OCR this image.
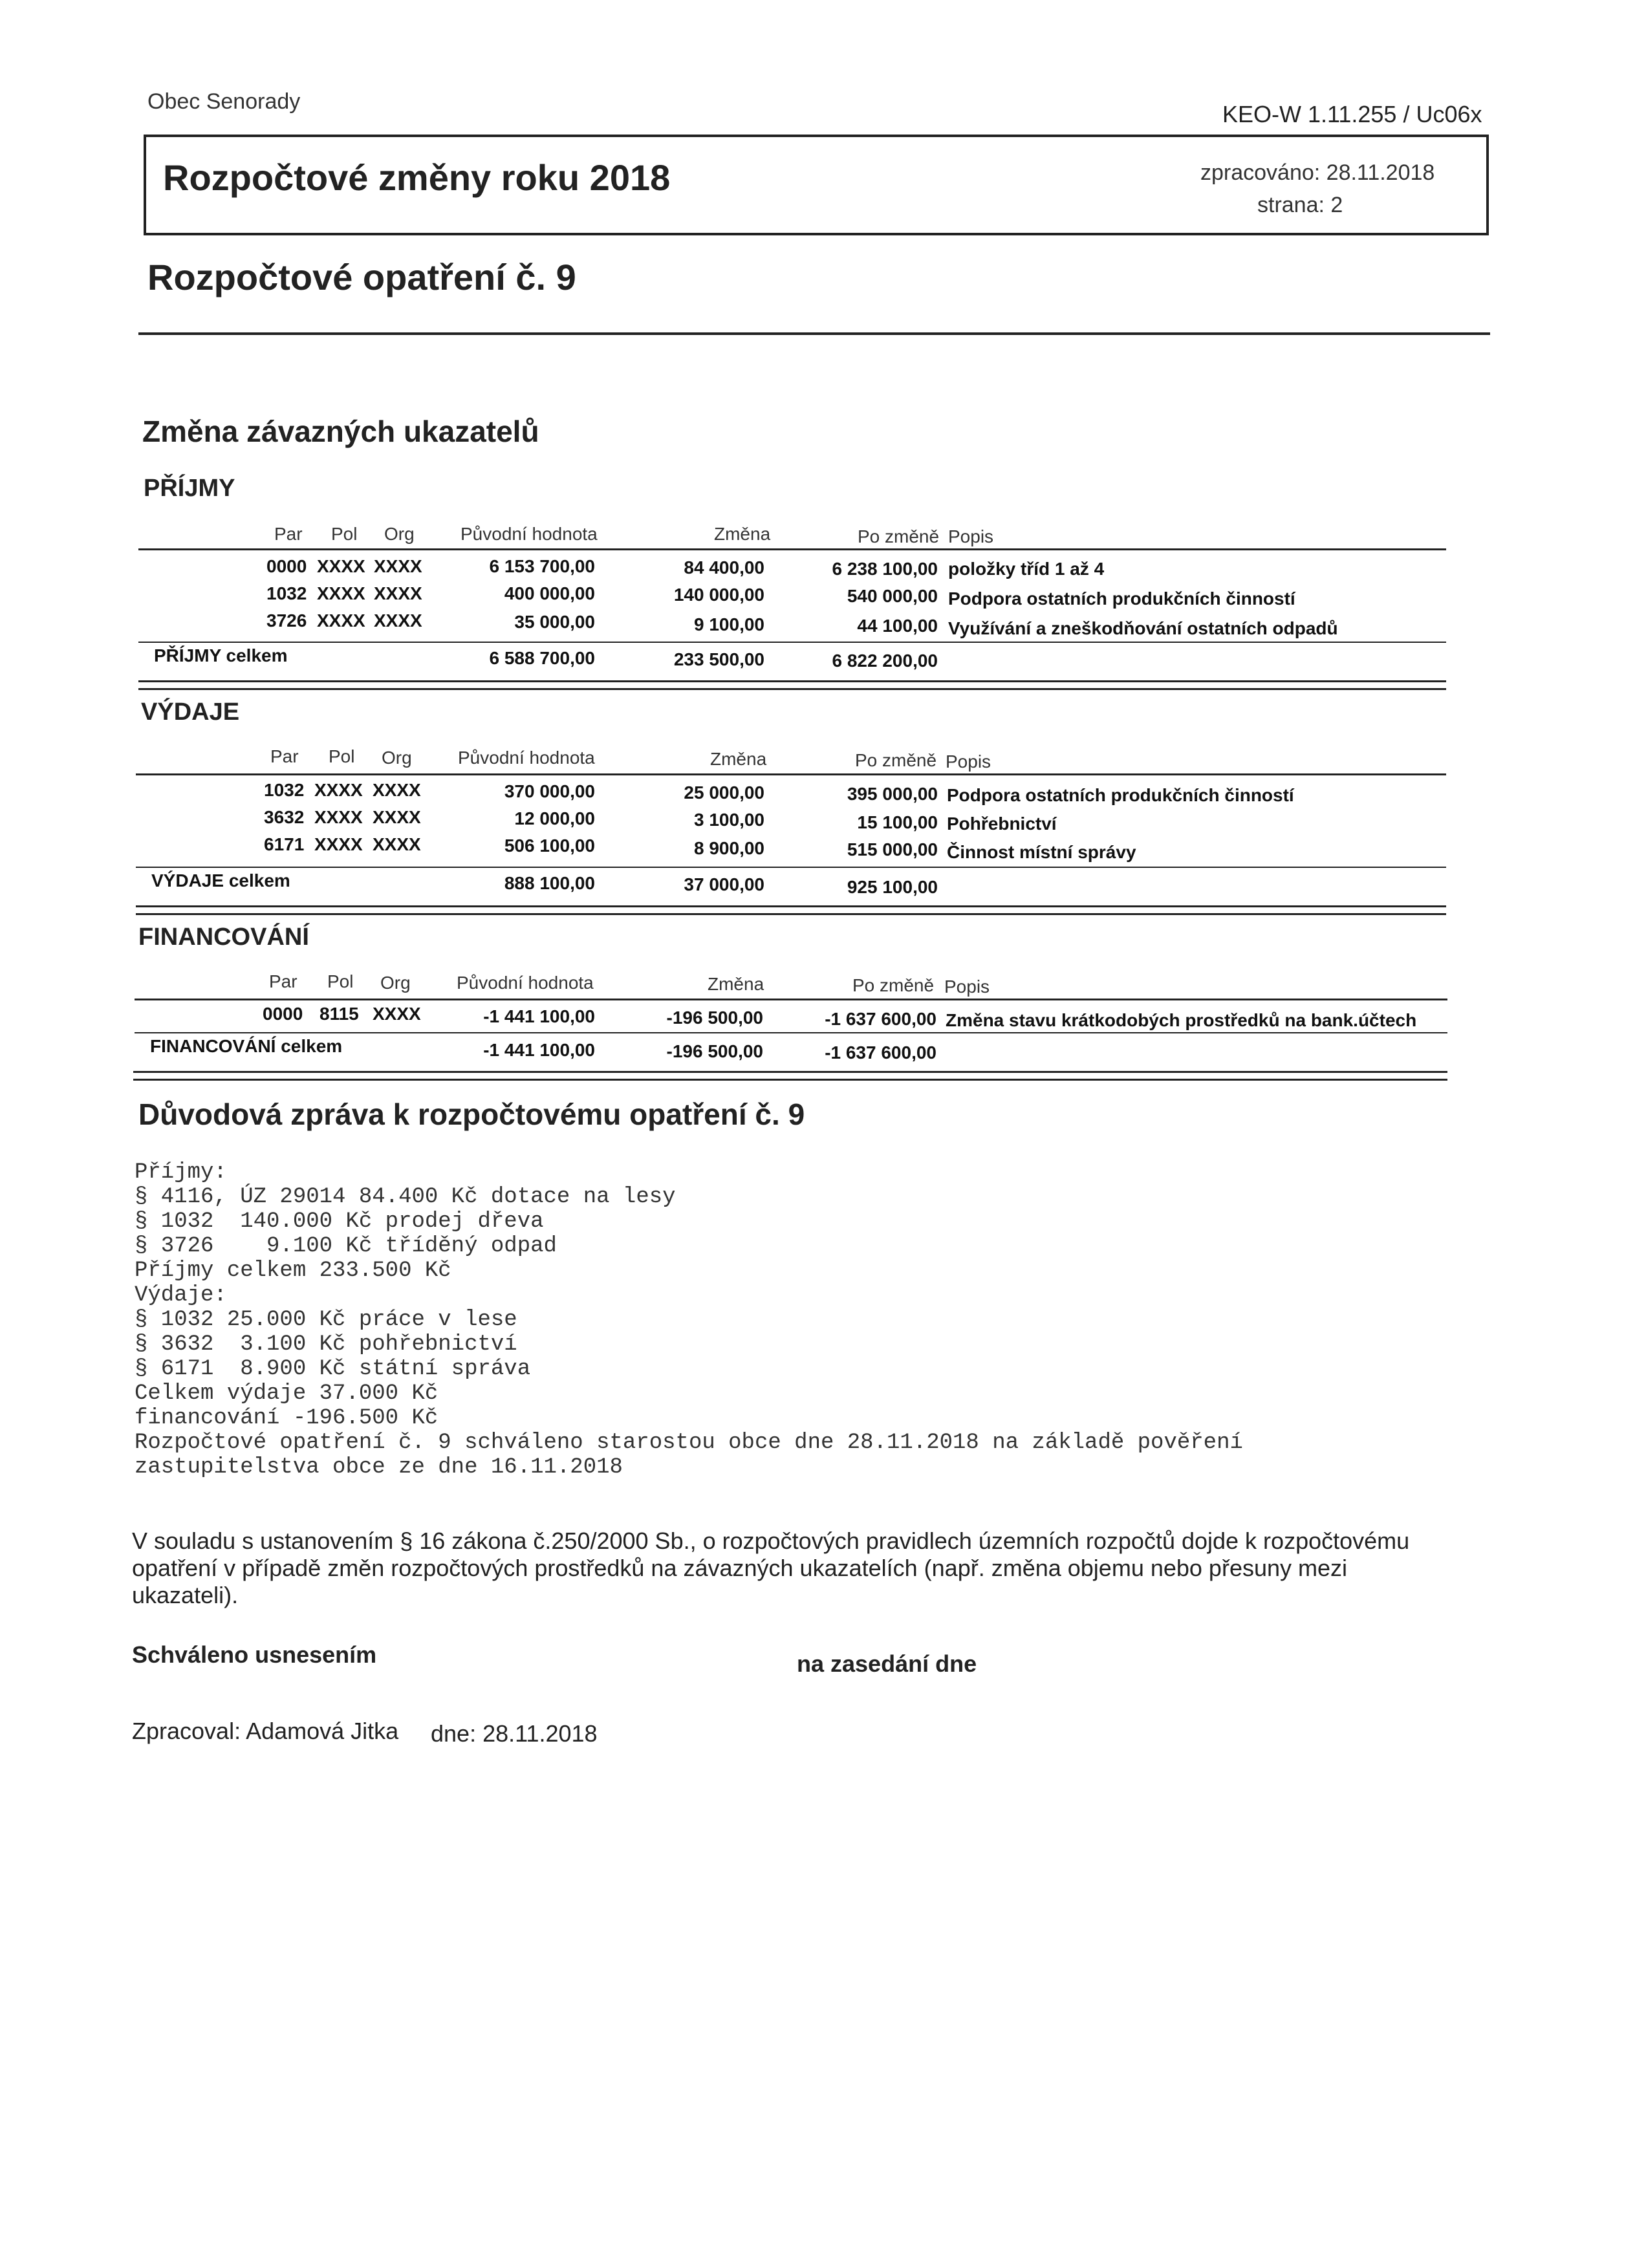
Obec Senorady	KEO-W 1.11.255 / Uc06x
Rozpočtové změny roku 2018	zpracováno: 28.11.2018
strana: 2
Rozpočtové opatření č. 9
Změna závazných ukazatelů
PŘÍJMY
Par Pol Org	Původní hodnota	Změna	Po změně Popis
0000 XXXX XXXX	6 153 700,00	84 400,00	6 238 100,00 položky tříd 1 až 4
1032 XXXX XXXX	400 000,00	140 000,00	540 000,00 Podpora ostatních produkčních činností
3726 XXXX XXXX	35 000,00	9 100,00	44 100,00 Využívání a zneškodňování ostatních odpadů
PŘÍJMY celkem	6 588 700,00	233 500,00	6 822 200,00
VÝDAJE
Par Pol Org	Původní hodnota	Změna	Po změně Popis
1032 XXXX XXXX	370 000,00	25 000,00	395 000,00 Podpora ostatních produkčních činností
3632 XXXX XXXX	12 000,00	3 100,00	15 100,00 Pohřebnictví
6171 XXXX XXXX	506 100,00	8 900,00	515 000,00 Činnost místní správy
VÝDAJE celkem	888 100,00	37 000,00	925 100,00
FINANCOVÁNÍ
Par Pol Org	Původní hodnota	Změna	Po změně Popis
0000 8115 XXXX	-1 441 100,00	-196 500,00	-1 637 600,00 Změna stavu krátkodobých prostředků na bank.účtech
FINANCOVÁNÍ celkem	-1 441 100,00	-196 500,00	-1 637 600,00
Důvodová zpráva k rozpočtovému opatření č. 9
Příjmy:
§ 4116, ÚZ 29014 84.400 Kč dotace na lesy
§ 1032  140.000 Kč prodej dřeva
§ 3726    9.100 Kč tříděný odpad
Příjmy celkem 233.500 Kč
Výdaje:
§ 1032 25.000 Kč práce v lese
§ 3632  3.100 Kč pohřebnictví
§ 6171  8.900 Kč státní správa
Celkem výdaje 37.000 Kč
financování -196.500 Kč
Rozpočtové opatření č. 9 schváleno starostou obce dne 28.11.2018 na základě pověření
zastupitelstva obce ze dne 16.11.2018
V souladu s ustanovením § 16 zákona č.250/2000 Sb., o rozpočtových pravidlech územních rozpočtů dojde k rozpočtovému opatření v případě změn rozpočtových prostředků na závazných ukazatelích (např. změna objemu nebo přesuny mezi ukazateli).
Schváleno usnesením	na zasedání dne
Zpracoval: Adamová Jitka dne: 28.11.2018
